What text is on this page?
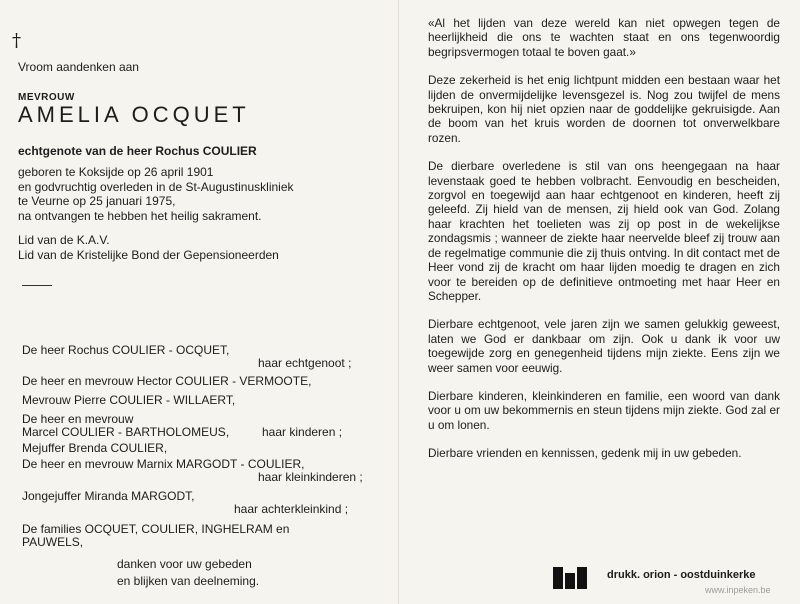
†
Vroom aandenken aan
MEVROUW
AMELIA OCQUET
echtgenote van de heer Rochus COULIER
geboren te Koksijde op 26 april 1901
en godvruchtig overleden in de St-Augustinuskliniek
te Veurne op 25 januari 1975,
na ontvangen te hebben het heilig sakrament.
Lid van de K.A.V.
Lid van de Kristelijke Bond der Gepensioneerden
De heer Rochus COULIER - OCQUET,
haar echtgenoot ;
De heer en mevrouw Hector COULIER - VERMOOTE,
Mevrouw Pierre COULIER - WILLAERT,
De heer en mevrouw
Marcel COULIER - BARTHOLOMEUS,	haar kinderen ;
Mejuffer Brenda COULIER,
De heer en mevrouw Marnix MARGODT - COULIER,
haar kleinkinderen ;
Jongejuffer Miranda MARGODT,
haar achterkleinkind ;
De families OCQUET, COULIER, INGHELRAM en
PAUWELS,
danken voor uw gebeden
en blijken van deelneming.

«Al het lijden van deze wereld kan niet opwegen tegen de heerlijkheid die ons te wachten staat en ons tegenwoordig begripsvermogen totaal te boven gaat.»

Deze zekerheid is het enig lichtpunt midden een bestaan waar het lijden de onvermijdelijke levensgezel is. Nog zou twijfel de mens bekruipen, kon hij niet opzien naar de goddelijke gekruisigde. Aan de boom van het kruis worden de doornen tot onverwelkbare rozen.

De dierbare overledene is stil van ons heengegaan na haar levenstaak goed te hebben volbracht. Eenvoudig en bescheiden, zorgvol en toegewijd aan haar echtgenoot en kinderen, heeft zij geleefd. Zij hield van de mensen, zij hield ook van God. Zolang haar krachten het toelieten was zij op post in de wekelijkse zondagsmis ; wanneer de ziekte haar neervelde bleef zij trouw aan de regelmatige communie die zij thuis ontving. In dit contact met de Heer vond zij de kracht om haar lijden moedig te dragen en zich voor te bereiden op de definitieve ontmoeting met haar Heer en Schepper.

Dierbare echtgenoot, vele jaren zijn we samen gelukkig geweest, laten we God er dankbaar om zijn. Ook u dank ik voor uw toegewijde zorg en genegenheid tijdens mijn ziekte. Eens zijn we weer samen voor eeuwig.

Dierbare kinderen, kleinkinderen en familie, een woord van dank voor u om uw bekommernis en steun tijdens mijn ziekte. God zal er u om lonen.

Dierbare vrienden en kennissen, gedenk mij in uw gebeden.

drukk. orion - oostduinkerke
www.inpeken.be
